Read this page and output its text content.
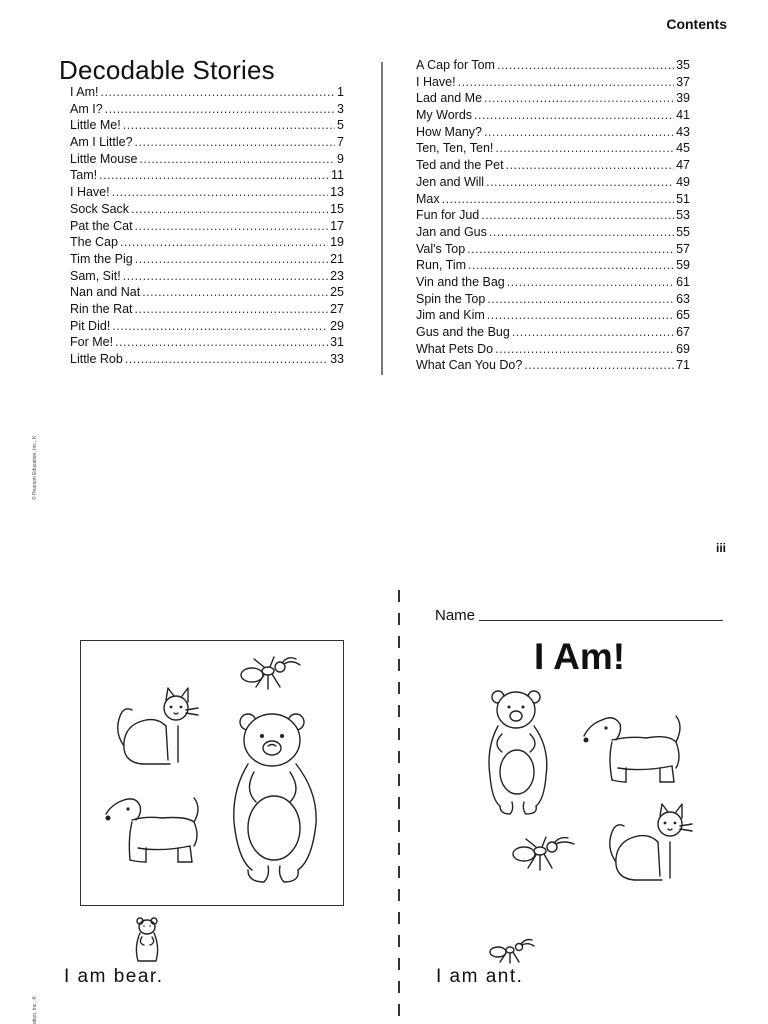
Contents
Decodable Stories
I Am! .....	1
Am I? .....	3
Little Me! .....	5
Am I Little? .....	7
Little Mouse .....	9
Tam! .....	11
I Have! .....	13
Sock Sack .....	15
Pat the Cat .....	17
The Cap .....	19
Tim the Pig .....	21
Sam, Sit! .....	23
Nan and Nat .....	25
Rin the Rat .....	27
Pit Did! .....	29
For Me! .....	31
Little Rob .....	33
A Cap for Tom .....	35
I Have! .....	37
Lad and Me .....	39
My Words .....	41
How Many? .....	43
Ten, Ten, Ten! .....	45
Ted and the Pet .....	47
Jen and Will .....	49
Max .....	51
Fun for Jud .....	53
Jan and Gus .....	55
Val's Top .....	57
Run, Tim .....	59
Vin and the Bag .....	61
Spin the Top .....	63
Jim and Kim .....	65
Gus and the Bug .....	67
What Pets Do .....	69
What Can You Do? .....	71
© Pearson Education, Inc., K
iii
I am bear.
ation, Inc., K
Name
I Am!
I am ant.
